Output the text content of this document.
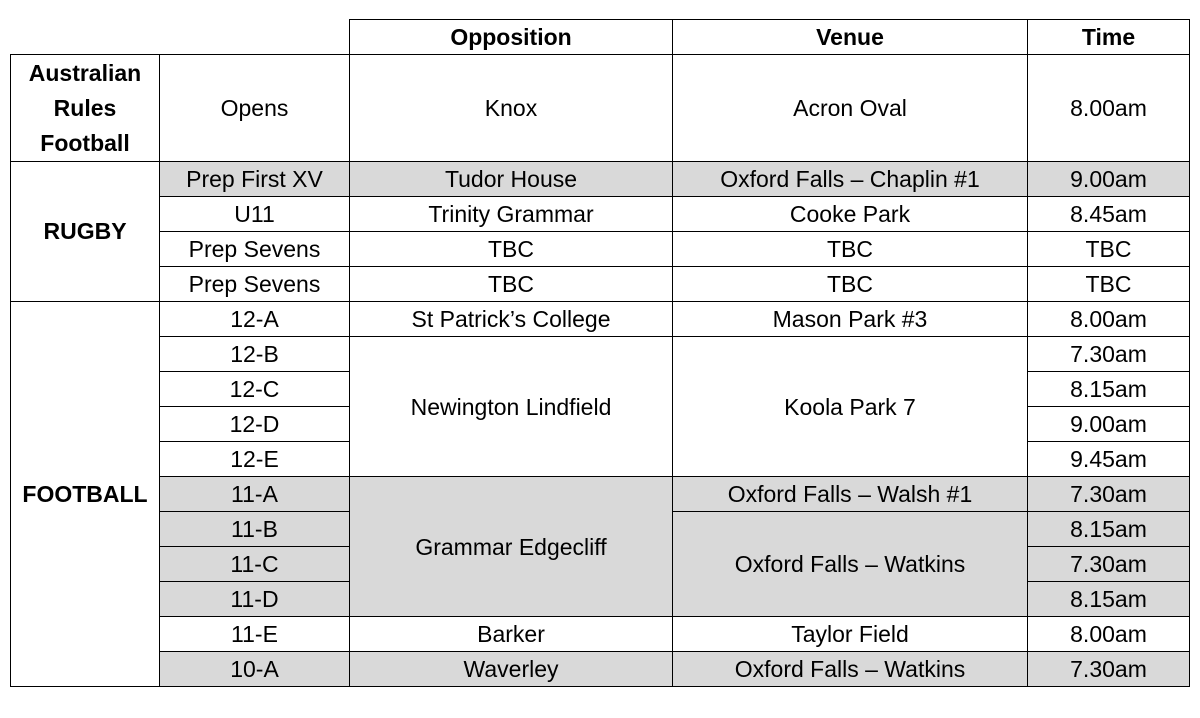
		Opposition	Venue	Time
Australian
Rules
Football	Opens	Knox	Acron Oval	8.00am
RUGBY	Prep First XV	Tudor House	Oxford Falls – Chaplin #1	9.00am
	U11	Trinity Grammar	Cooke Park	8.45am
	Prep Sevens	TBC	TBC	TBC
	Prep Sevens	TBC	TBC	TBC
FOOTBALL	12-A	St Patrick’s College	Mason Park #3	8.00am
	12-B	Newington Lindfield	Koola Park 7	7.30am
	12-C			8.15am
	12-D			9.00am
	12-E			9.45am
	11-A	Grammar Edgecliff	Oxford Falls – Walsh #1	7.30am
	11-B		Oxford Falls – Watkins	8.15am
	11-C			7.30am
	11-D			8.15am
	11-E	Barker	Taylor Field	8.00am
	10-A	Waverley	Oxford Falls – Watkins	7.30am
